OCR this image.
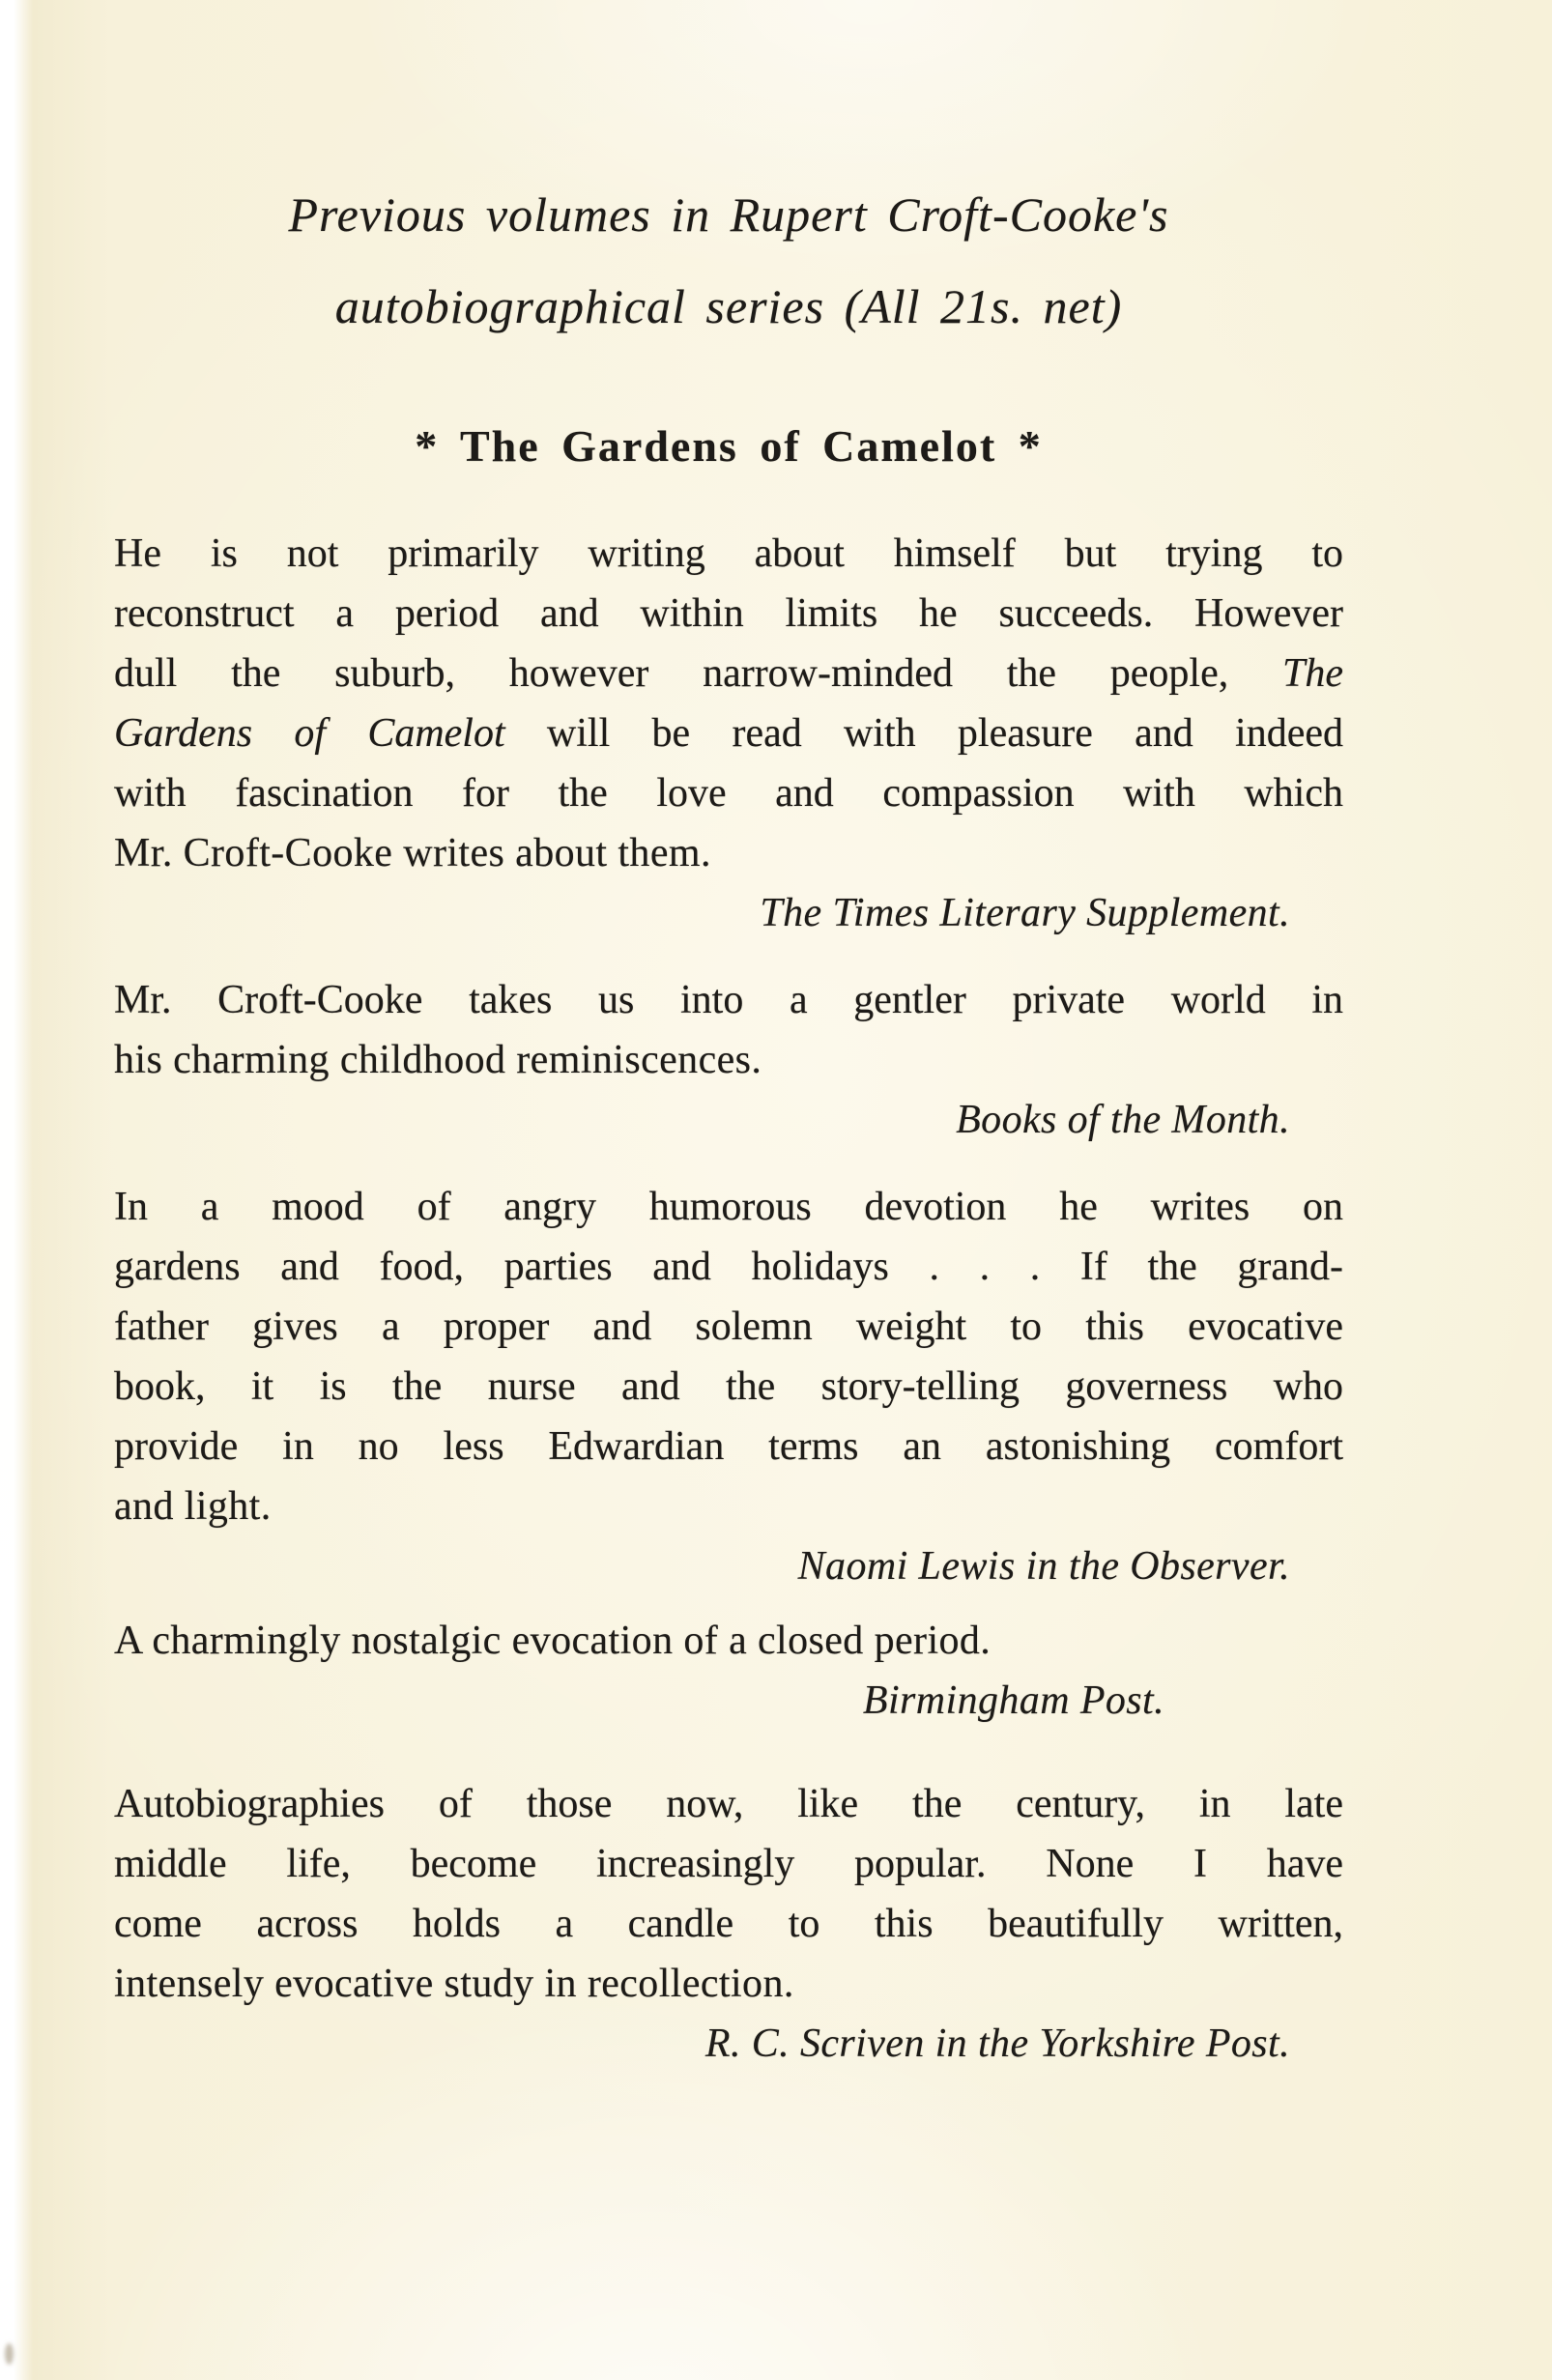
Previous volumes in Rupert Croft-Cooke's
autobiographical series (All 21s. net)
* The Gardens of Camelot *
He is not primarily writing about himself but trying to
reconstruct a period and within limits he succeeds. However
dull the suburb, however narrow-minded the people, The
Gardens of Camelot will be read with pleasure and indeed
with fascination for the love and compassion with which
Mr. Croft-Cooke writes about them.
The Times Literary Supplement.
Mr. Croft-Cooke takes us into a gentler private world in
his charming childhood reminiscences.
Books of the Month.
In a mood of angry humorous devotion he writes on
gardens and food, parties and holidays . . . If the grand-
father gives a proper and solemn weight to this evocative
book, it is the nurse and the story-telling governess who
provide in no less Edwardian terms an astonishing comfort
and light.
Naomi Lewis in the Observer.
A charmingly nostalgic evocation of a closed period.
Birmingham Post.
Autobiographies of those now, like the century, in late
middle life, become increasingly popular. None I have
come across holds a candle to this beautifully written,
intensely evocative study in recollection.
R. C. Scriven in the Yorkshire Post.
